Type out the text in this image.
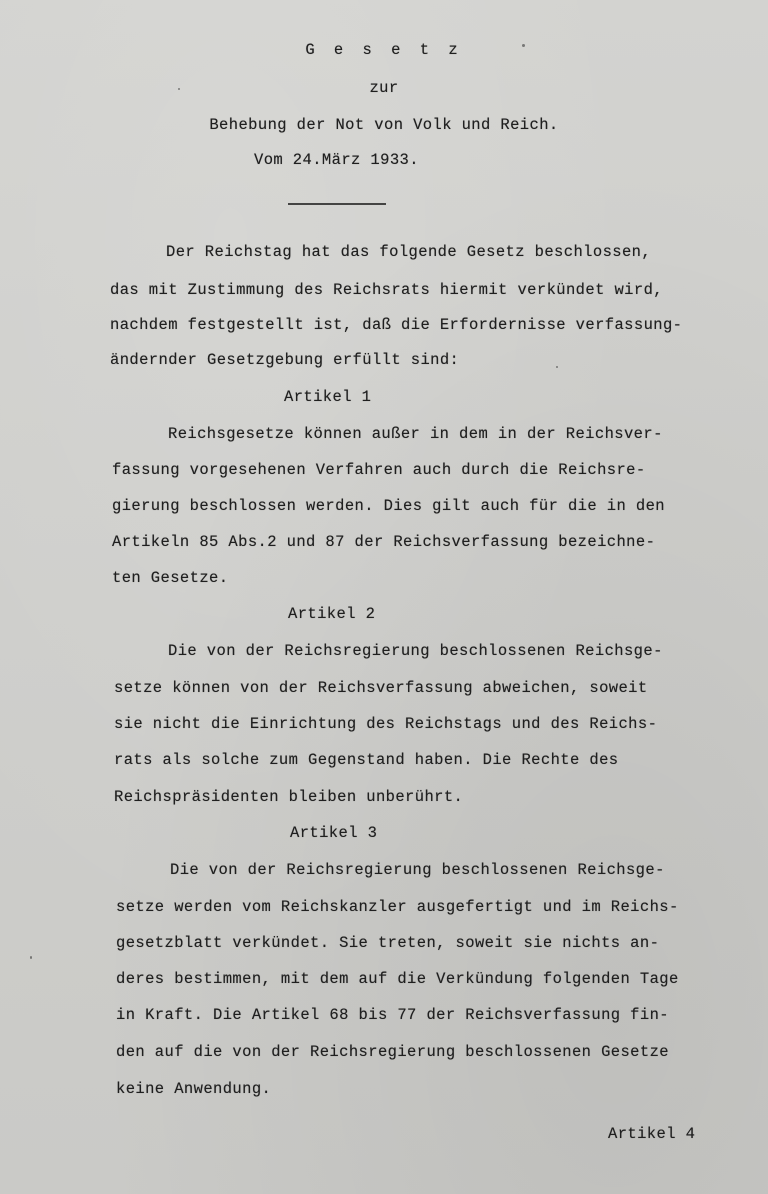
G e s e t z
zur
Behebung der Not von Volk und Reich.
Vom 24.März 1933.
Der Reichstag hat das folgende Gesetz beschlossen,
das mit Zustimmung des Reichsrats hiermit verkündet wird,
nachdem festgestellt ist, daß die Erfordernisse verfassung-
ändernder Gesetzgebung erfüllt sind:
Artikel 1
Reichsgesetze können außer in dem in der Reichsver-
fassung vorgesehenen Verfahren auch durch die Reichsre-
gierung beschlossen werden. Dies gilt auch für die in den
Artikeln 85 Abs.2 und 87 der Reichsverfassung bezeichne-
ten Gesetze.
Artikel 2
Die von der Reichsregierung beschlossenen Reichsge-
setze können von der Reichsverfassung abweichen, soweit
sie nicht die Einrichtung des Reichstags und des Reichs-
rats als solche zum Gegenstand haben. Die Rechte des
Reichspräsidenten bleiben unberührt.
Artikel 3
Die von der Reichsregierung beschlossenen Reichsge-
setze werden vom Reichskanzler ausgefertigt und im Reichs-
gesetzblatt verkündet. Sie treten, soweit sie nichts an-
deres bestimmen, mit dem auf die Verkündung folgenden Tage
in Kraft. Die Artikel 68 bis 77 der Reichsverfassung fin-
den auf die von der Reichsregierung beschlossenen Gesetze
keine Anwendung.
Artikel 4
